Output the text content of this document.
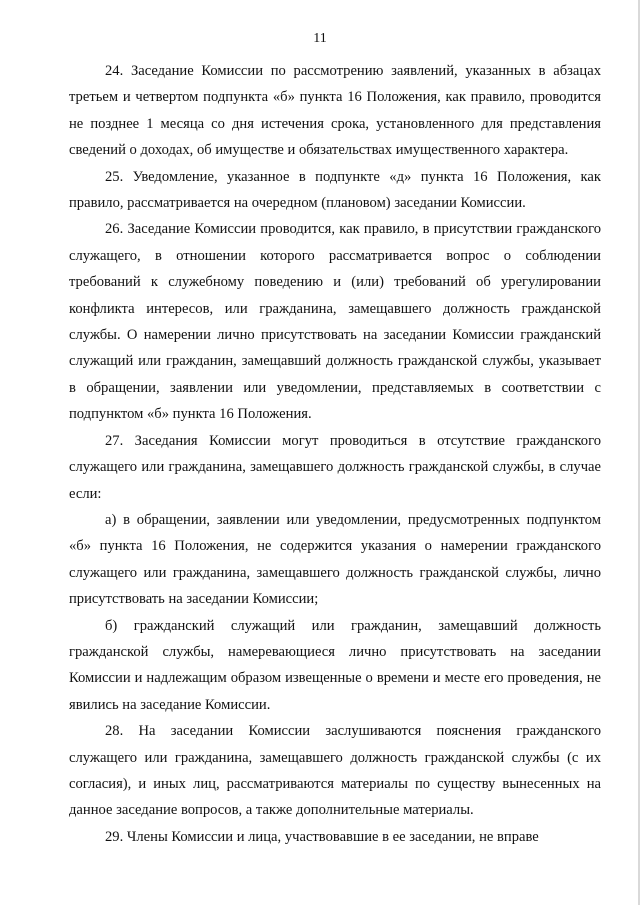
11

24. Заседание Комиссии по рассмотрению заявлений, указанных в абзацах третьем и четвертом подпункта «б» пункта 16 Положения, как правило, проводится не позднее 1 месяца со дня истечения срока, установленного для представления сведений о доходах, об имуществе и обязательствах имущественного характера.

25. Уведомление, указанное в подпункте «д» пункта 16 Положения, как правило, рассматривается на очередном (плановом) заседании Комиссии.

26. Заседание Комиссии проводится, как правило, в присутствии гражданского служащего, в отношении которого рассматривается вопрос о соблюдении требований к служебному поведению и (или) требований об урегулировании конфликта интересов, или гражданина, замещавшего должность гражданской службы. О намерении лично присутствовать на заседании Комиссии гражданский служащий или гражданин, замещавший должность гражданской службы, указывает в обращении, заявлении или уведомлении, представляемых в соответствии с подпунктом «б» пункта 16 Положения.

27. Заседания Комиссии могут проводиться в отсутствие гражданского служащего или гражданина, замещавшего должность гражданской службы, в случае если:

а) в обращении, заявлении или уведомлении, предусмотренных подпунктом «б» пункта 16 Положения, не содержится указания о намерении гражданского служащего или гражданина, замещавшего должность гражданской службы, лично присутствовать на заседании Комиссии;

б) гражданский служащий или гражданин, замещавший должность гражданской службы, намеревающиеся лично присутствовать на заседании Комиссии и надлежащим образом извещенные о времени и месте его проведения, не явились на заседание Комиссии.

28. На заседании Комиссии заслушиваются пояснения гражданского служащего или гражданина, замещавшего должность гражданской службы (с их согласия), и иных лиц, рассматриваются материалы по существу вынесенных на данное заседание вопросов, а также дополнительные материалы.

29. Члены Комиссии и лица, участвовавшие в ее заседании, не вправе
